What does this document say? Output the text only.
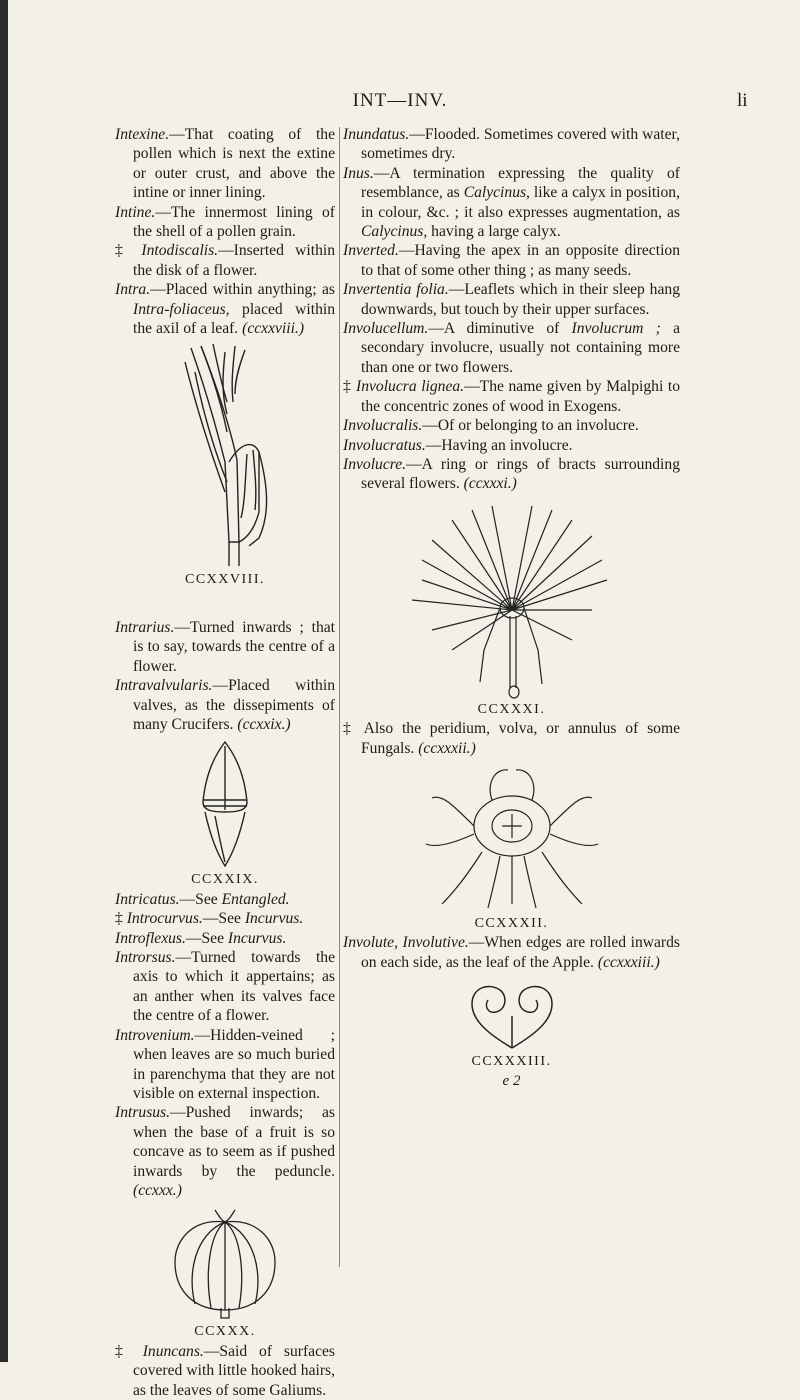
INT—INV.	li

Intexine.—That coating of the pollen which is next the extine or outer crust, and above the intine or inner lining.

Intine.—The innermost lining of the shell of a pollen grain.

‡ Intodiscalis.—Inserted within the disk of a flower.

Intra.—Placed within anything; as Intra-foliaceus, placed within the axil of a leaf. (ccxxviii.)

CCXXVIII.

Intrarius.—Turned inwards ; that is to say, towards the centre of a flower.

Intravalvularis.—Placed within valves, as the dissepiments of many Crucifers. (ccxxix.)

CCXXIX.

Intricatus.—See Entangled.

‡ Introcurvus.—See Incurvus.

Introflexus.—See Incurvus.

Introrsus.—Turned towards the axis to which it appertains; as an anther when its valves face the centre of a flower.

Introvenium.—Hidden-veined ; when leaves are so much buried in parenchyma that they are not visible on external inspection.

Intrusus.—Pushed inwards; as when the base of a fruit is so concave as to seem as if pushed inwards by the peduncle. (ccxxx.)

CCXXX.

‡ Inuncans.—Said of surfaces covered with little hooked hairs, as the leaves of some Galiums.

Inundatus.—Flooded. Sometimes covered with water, sometimes dry.

Inus.—A termination expressing the quality of resemblance, as Calycinus, like a calyx in position, in colour, &c. ; it also expresses augmentation, as Calycinus, having a large calyx.

Inverted.—Having the apex in an opposite direction to that of some other thing ; as many seeds.

Invertentia folia.—Leaflets which in their sleep hang downwards, but touch by their upper surfaces.

Involucellum.—A diminutive of Involucrum ; a secondary involucre, usually not containing more than one or two flowers.

‡ Involucra lignea.—The name given by Malpighi to the concentric zones of wood in Exogens.

Involucralis.—Of or belonging to an involucre.

Involucratus.—Having an involucre.

Involucre.—A ring or rings of bracts surrounding several flowers. (ccxxxi.)

CCXXXI.

‡ Also the peridium, volva, or annulus of some Fungals. (ccxxxii.)

CCXXXII.

Involute, Involutive.—When edges are rolled inwards on each side, as the leaf of the Apple. (ccxxxiii.)

CCXXXIII.

e 2
